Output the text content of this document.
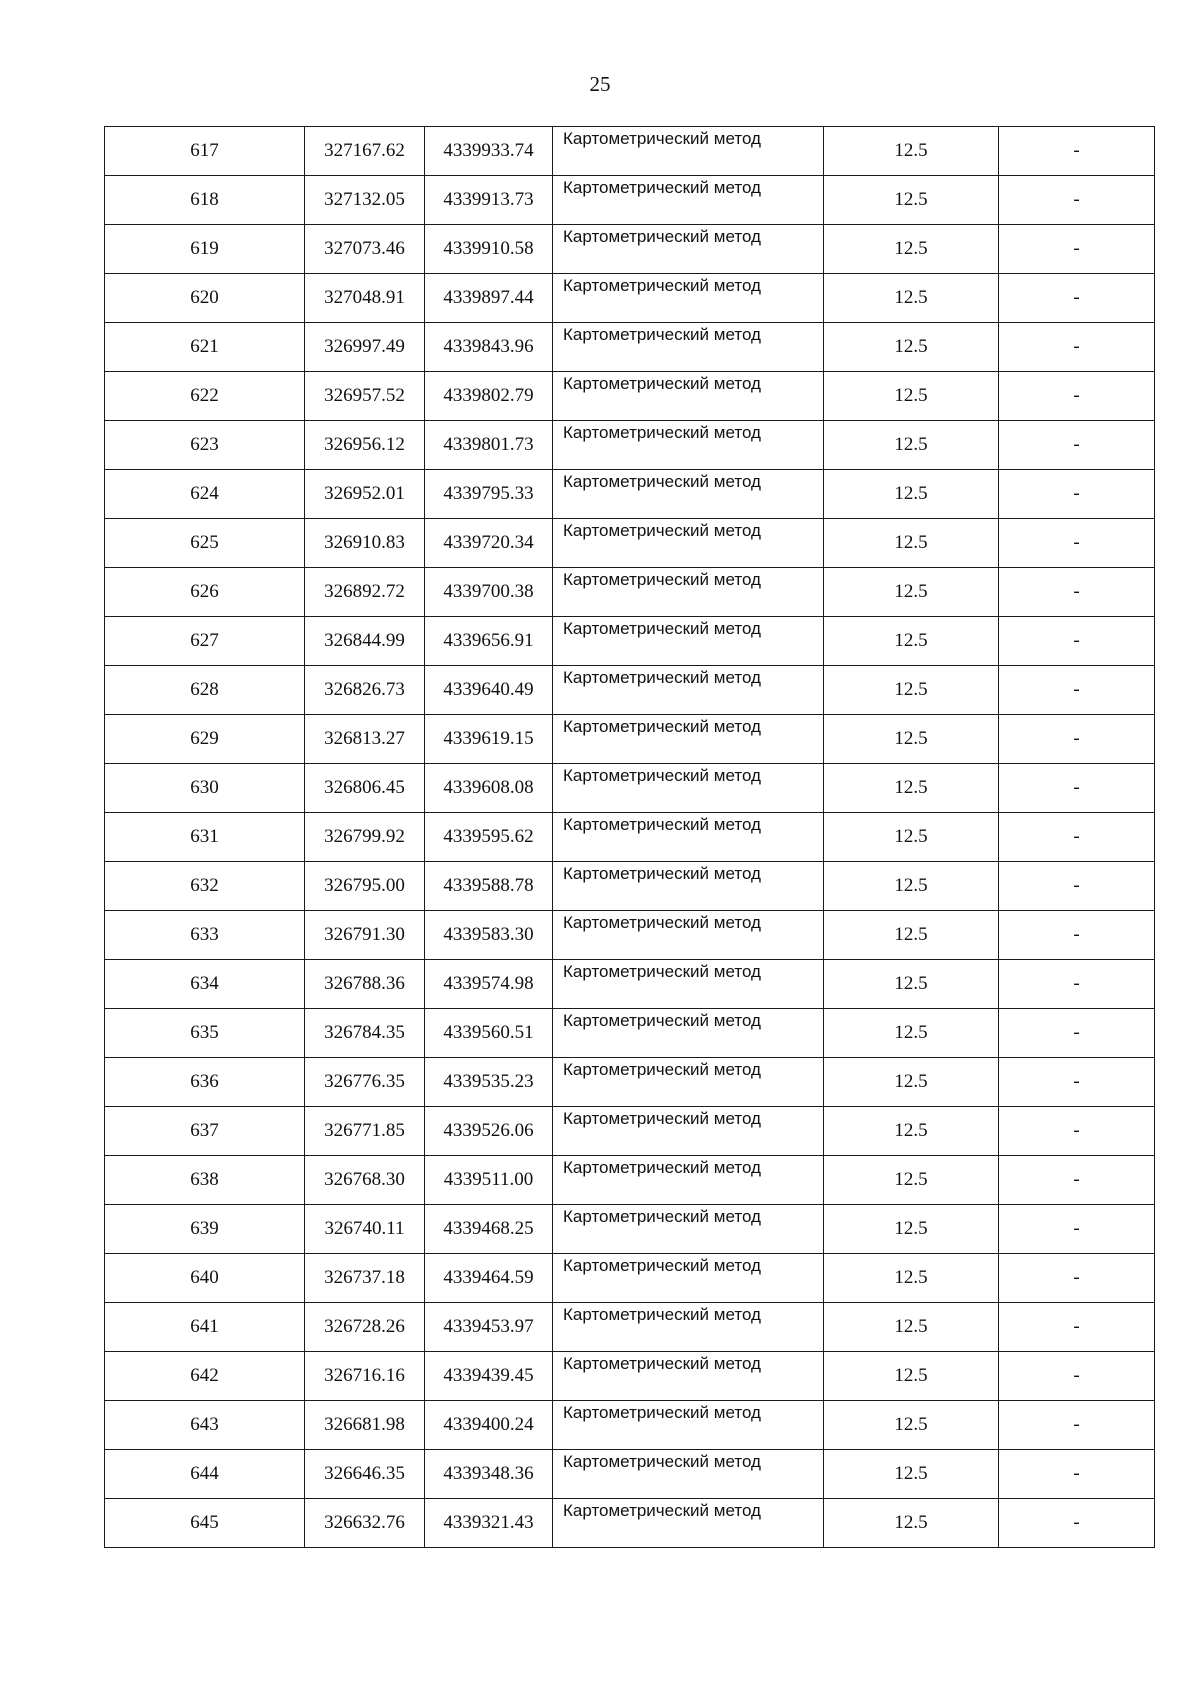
25
617	327167.62	4339933.74	Картометрический метод	12.5	-
618	327132.05	4339913.73	Картометрический метод	12.5	-
619	327073.46	4339910.58	Картометрический метод	12.5	-
620	327048.91	4339897.44	Картометрический метод	12.5	-
621	326997.49	4339843.96	Картометрический метод	12.5	-
622	326957.52	4339802.79	Картометрический метод	12.5	-
623	326956.12	4339801.73	Картометрический метод	12.5	-
624	326952.01	4339795.33	Картометрический метод	12.5	-
625	326910.83	4339720.34	Картометрический метод	12.5	-
626	326892.72	4339700.38	Картометрический метод	12.5	-
627	326844.99	4339656.91	Картометрический метод	12.5	-
628	326826.73	4339640.49	Картометрический метод	12.5	-
629	326813.27	4339619.15	Картометрический метод	12.5	-
630	326806.45	4339608.08	Картометрический метод	12.5	-
631	326799.92	4339595.62	Картометрический метод	12.5	-
632	326795.00	4339588.78	Картометрический метод	12.5	-
633	326791.30	4339583.30	Картометрический метод	12.5	-
634	326788.36	4339574.98	Картометрический метод	12.5	-
635	326784.35	4339560.51	Картометрический метод	12.5	-
636	326776.35	4339535.23	Картометрический метод	12.5	-
637	326771.85	4339526.06	Картометрический метод	12.5	-
638	326768.30	4339511.00	Картометрический метод	12.5	-
639	326740.11	4339468.25	Картометрический метод	12.5	-
640	326737.18	4339464.59	Картометрический метод	12.5	-
641	326728.26	4339453.97	Картометрический метод	12.5	-
642	326716.16	4339439.45	Картометрический метод	12.5	-
643	326681.98	4339400.24	Картометрический метод	12.5	-
644	326646.35	4339348.36	Картометрический метод	12.5	-
645	326632.76	4339321.43	Картометрический метод	12.5	-
